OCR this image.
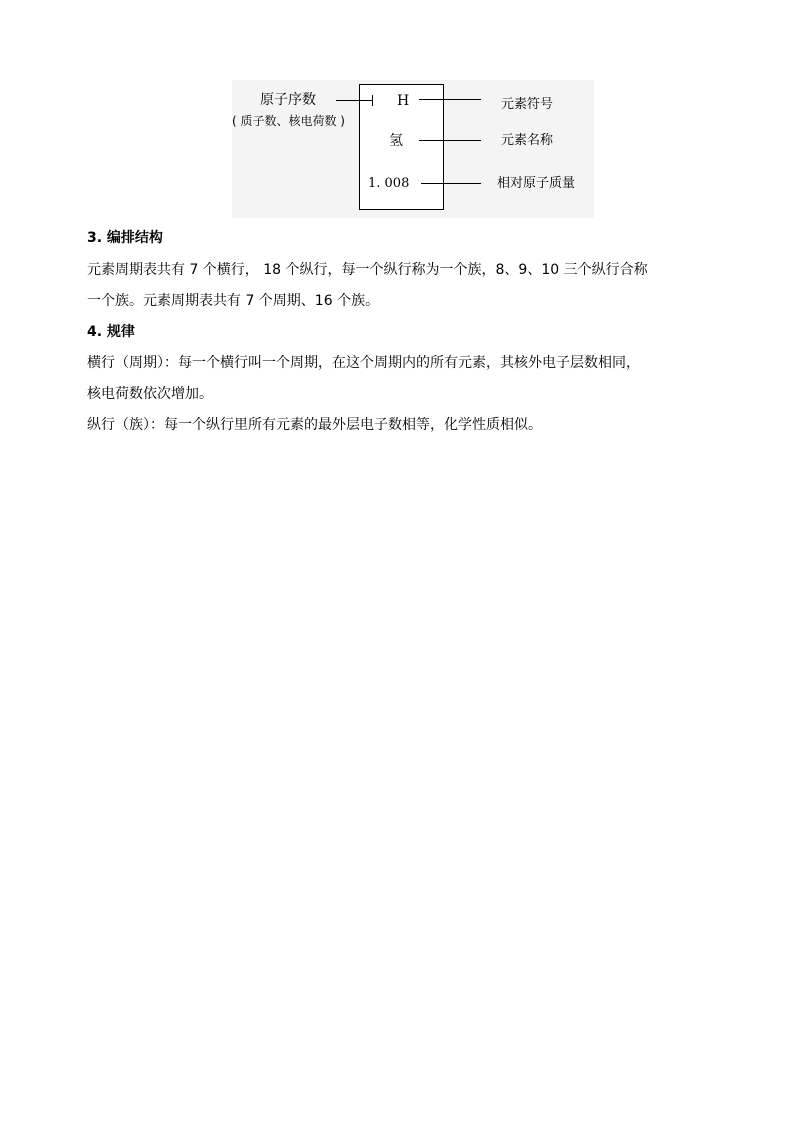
原子序数
( 质子数、核电荷数 )
H
氢
1. 008
元素符号
元素名称
相对原子质量
3. 编排结构
元素周期表共有 7 个横行， 18 个纵行，每一个纵行称为一个族，8、9、10 三个纵行合称
一个族。元素周期表共有 7 个周期、16 个族。
4. 规律
横行（周期）：每一个横行叫一个周期，在这个周期内的所有元素，其核外电子层数相同，
核电荷数依次增加。
纵行（族）：每一个纵行里所有元素的最外层电子数相等，化学性质相似。
